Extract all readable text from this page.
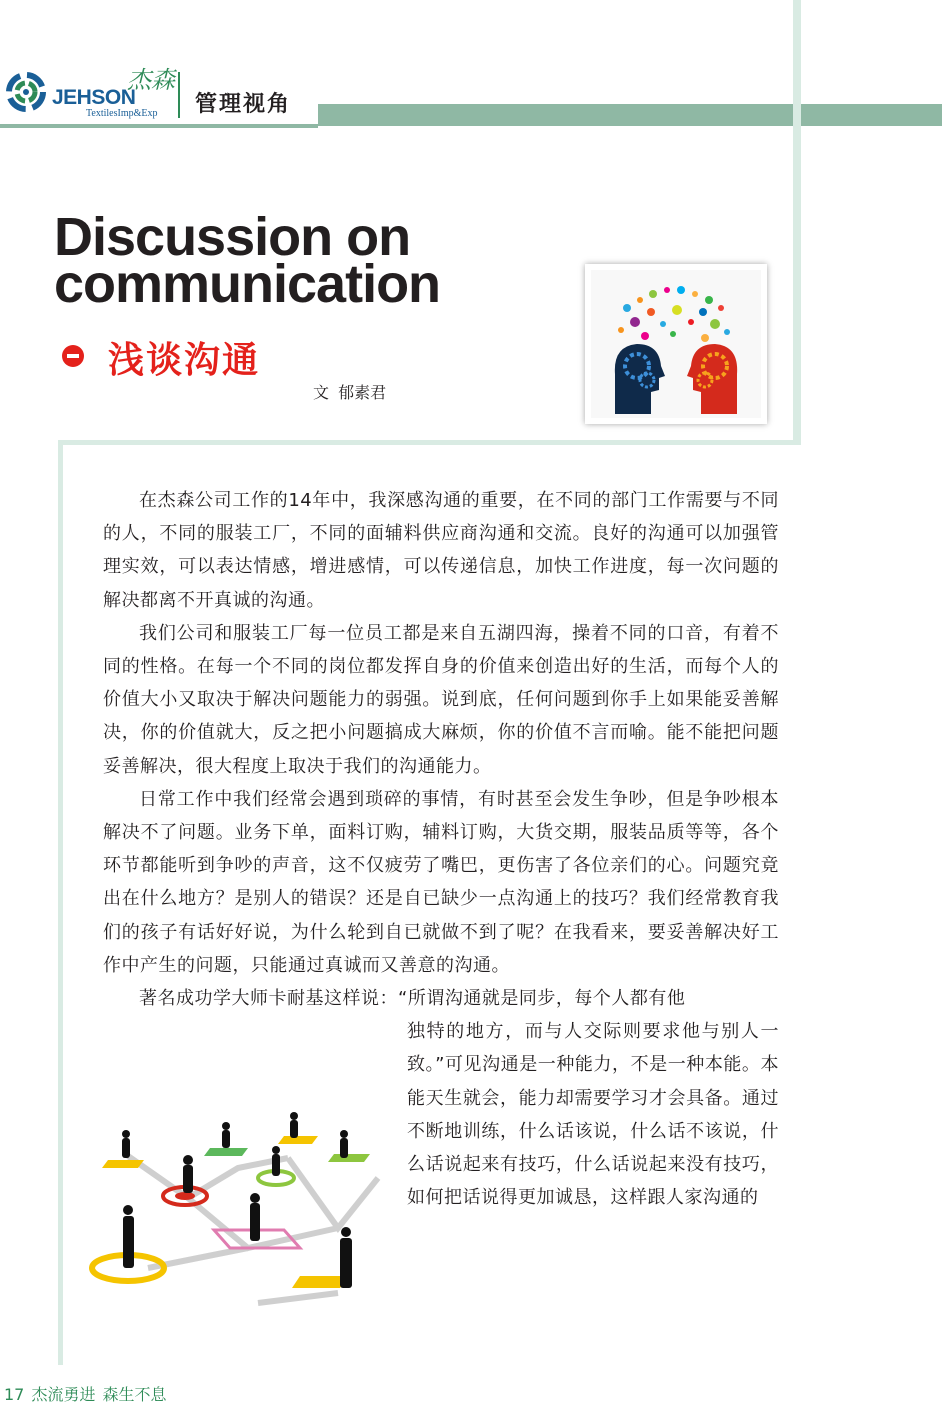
JEHSON
杰森
TextilesImp&Exp 管理视角
Discussion on
communication
浅谈沟通
文 郁素君

在杰森公司工作的14年中，我深感沟通的重要，在不同的部门工作需要与不同的人，不同的服装工厂，不同的面辅料供应商沟通和交流。良好的沟通可以加强管理实效，可以表达情感，增进感情，可以传递信息，加快工作进度，每一次问题的解决都离不开真诚的沟通。

我们公司和服装工厂每一位员工都是来自五湖四海，操着不同的口音，有着不同的性格。在每一个不同的岗位都发挥自身的价值来创造出好的生活，而每个人的价值大小又取决于解决问题能力的弱强。说到底，任何问题到你手上如果能妥善解决，你的价值就大，反之把小问题搞成大麻烦，你的价值不言而喻。能不能把问题妥善解决，很大程度上取决于我们的沟通能力。

日常工作中我们经常会遇到琐碎的事情，有时甚至会发生争吵，但是争吵根本解决不了问题。业务下单，面料订购，辅料订购，大货交期，服装品质等等，各个环节都能听到争吵的声音，这不仅疲劳了嘴巴，更伤害了各位亲们的心。问题究竟出在什么地方？是别人的错误？还是自已缺少一点沟通上的技巧？我们经常教育我们的孩子有话好好说，为什么轮到自已就做不到了呢？在我看来，要妥善解决好工作中产生的问题，只能通过真诚而又善意的沟通。

著名成功学大师卡耐基这样说：“所谓沟通就是同步，每个人都有他

独特的地方，而与人交际则要求他与别人一致。”可见沟通是一种能力，不是一种本能。本能天生就会，能力却需要学习才会具备。通过不断地训练，什么话该说，什么话不该说，什么话说起来有技巧，什么话说起来没有技巧，如何把话说得更加诚恳，这样跟人家沟通的

17 杰流勇进 森生不息
